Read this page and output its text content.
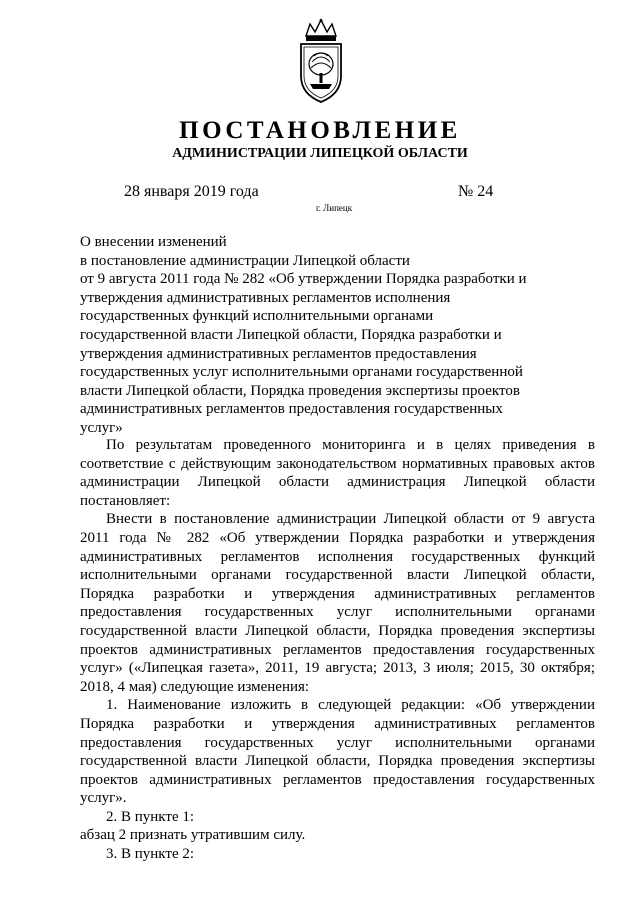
ПОСТАНОВЛЕНИЕ
АДМИНИСТРАЦИИ ЛИПЕЦКОЙ ОБЛАСТИ
28 января 2019 года	№ 24
г. Липецк
О внесении изменений
в постановление администрации Липецкой области
от 9 августа 2011 года № 282 «Об утверждении Порядка разработки и
утверждения административных регламентов исполнения
государственных функций исполнительными органами
государственной власти Липецкой области, Порядка разработки и
утверждения административных регламентов предоставления
государственных услуг исполнительными органами государственной
власти Липецкой области, Порядка проведения экспертизы проектов
административных регламентов предоставления государственных
услуг»

По результатам проведенного мониторинга и в целях приведения в соответствие с действующим законодательством нормативных правовых актов администрации Липецкой области администрация Липецкой области постановляет:

Внести в постановление администрации Липецкой области от 9 августа 2011 года № 282 «Об утверждении Порядка разработки и утверждения административных регламентов исполнения государственных функций исполнительными органами государственной власти Липецкой области, Порядка разработки и утверждения административных регламентов предоставления государственных услуг исполнительными органами государственной власти Липецкой области, Порядка проведения экспертизы проектов административных регламентов предоставления государственных услуг» («Липецкая газета», 2011, 19 августа; 2013, 3 июля; 2015, 30 октября; 2018, 4 мая) следующие изменения:

1. Наименование изложить в следующей редакции: «Об утверждении Порядка разработки и утверждения административных регламентов предоставления государственных услуг исполнительными органами государственной власти Липецкой области, Порядка проведения экспертизы проектов административных регламентов предоставления государственных услуг».

2. В пункте 1:

абзац 2 признать утратившим силу.

3. В пункте 2:
